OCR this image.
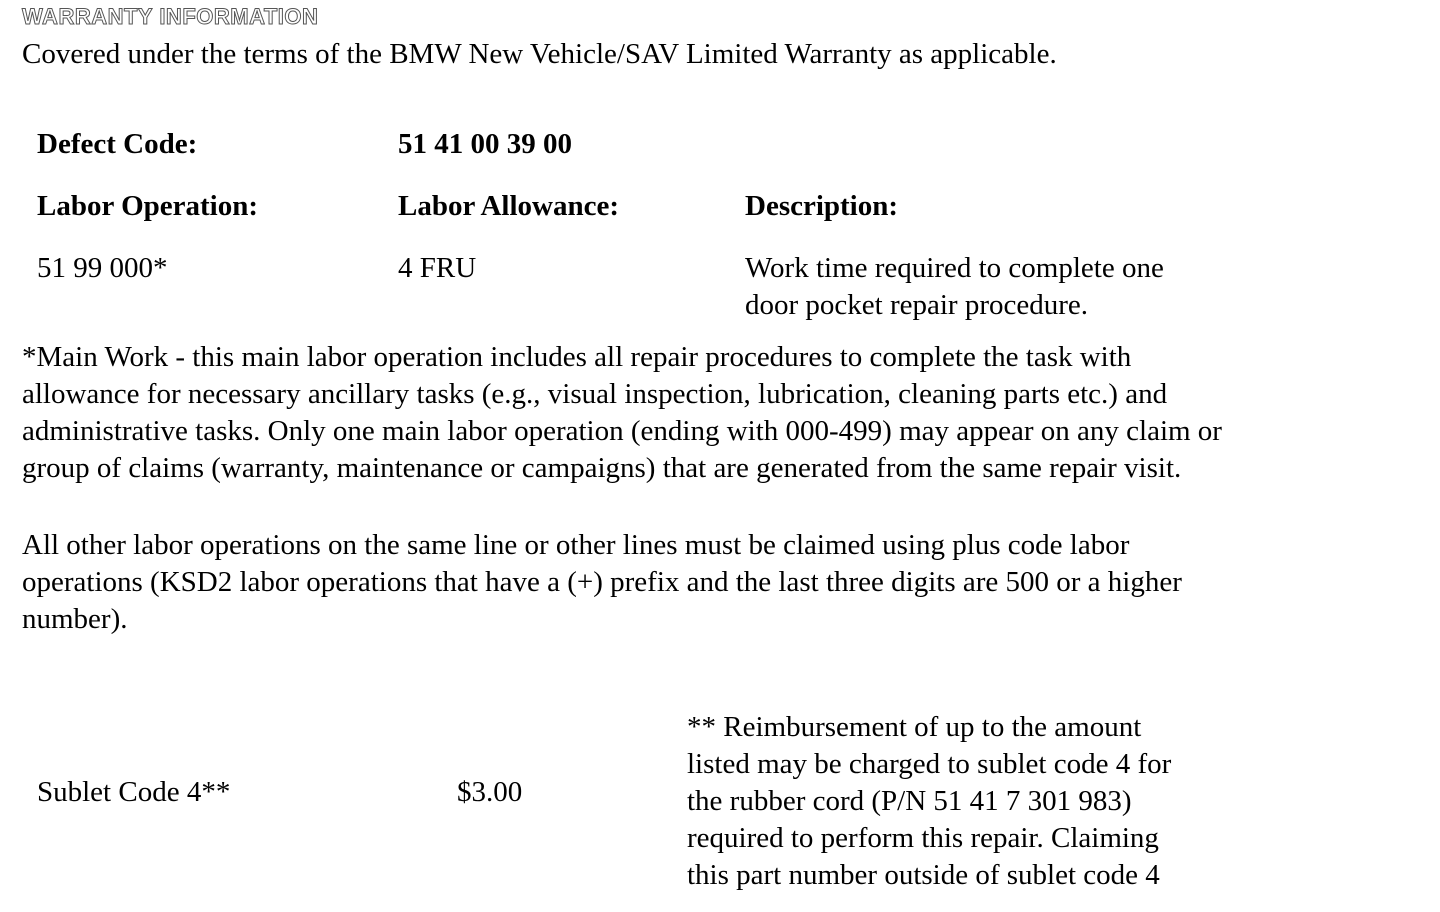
WARRANTY INFORMATION
Covered under the terms of the BMW New Vehicle/SAV Limited Warranty as applicable.
Defect Code:	51 41 00 39 00
Labor Operation:	Labor Allowance:	Description:
51 99 000*	4 FRU	Work time required to complete one
door pocket repair procedure.
*Main Work - this main labor operation includes all repair procedures to complete the task with
allowance for necessary ancillary tasks (e.g., visual inspection, lubrication, cleaning parts etc.) and
administrative tasks. Only one main labor operation (ending with 000-499) may appear on any claim or
group of claims (warranty, maintenance or campaigns) that are generated from the same repair visit.
All other labor operations on the same line or other lines must be claimed using plus code labor
operations (KSD2 labor operations that have a (+) prefix and the last three digits are 500 or a higher
number).
Sublet Code 4**	$3.00
** Reimbursement of up to the amount
listed may be charged to sublet code 4 for
the rubber cord (P/N 51 41 7 301 983)
required to perform this repair. Claiming
this part number outside of sublet code 4
